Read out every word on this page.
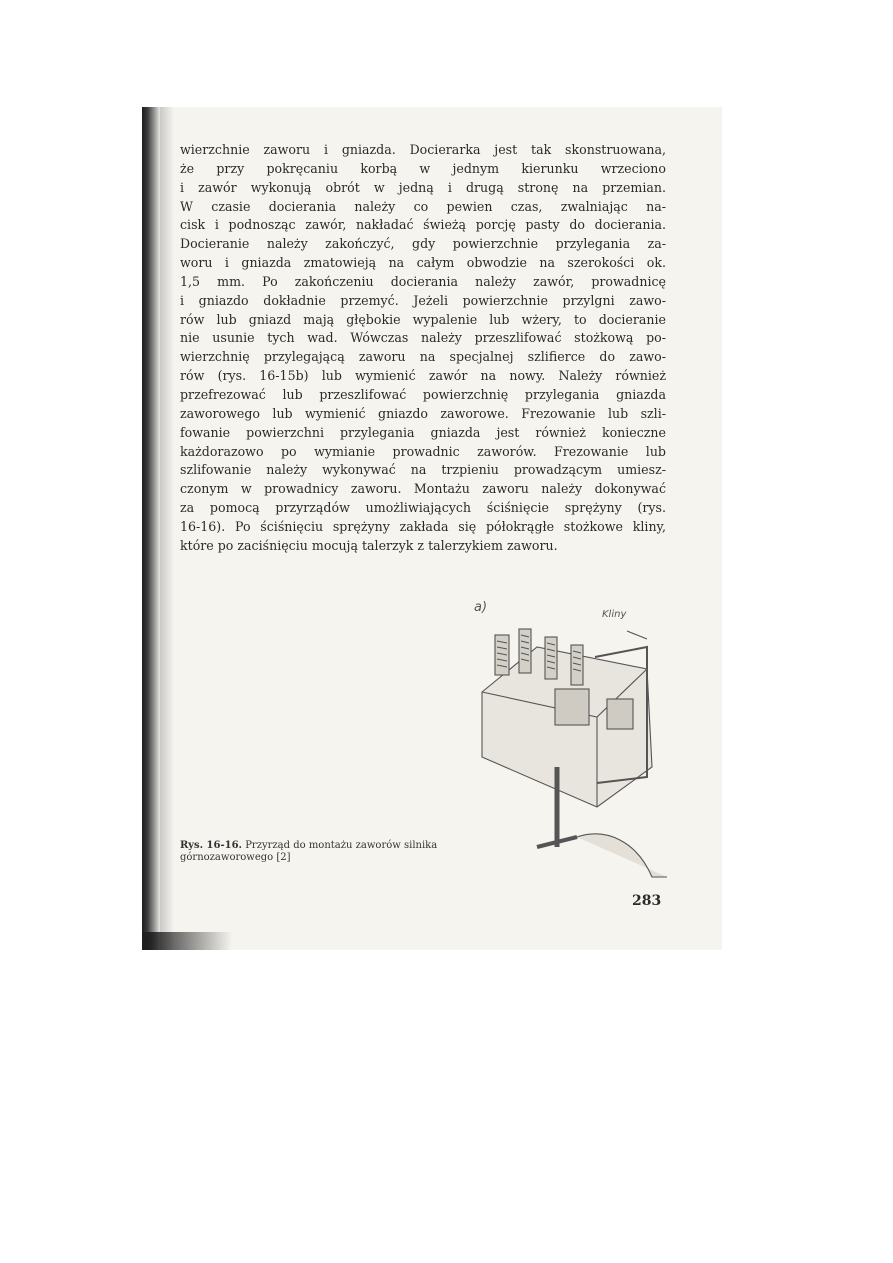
wierzchnie zaworu i gniazda. Docierarka jest tak skonstruowana,
że przy pokręcaniu korbą w jednym kierunku wrzeciono
i zawór wykonują obrót w jedną i drugą stronę na przemian.
W czasie docierania należy co pewien czas, zwalniając na-
cisk i podnosząc zawór, nakładać świeżą porcję pasty do docierania.
Docieranie należy zakończyć, gdy powierzchnie przylegania za-
woru i gniazda zmatowieją na całym obwodzie na szerokości ok.
1,5 mm. Po zakończeniu docierania należy zawór, prowadnicę
i gniazdo dokładnie przemyć. Jeżeli powierzchnie przylgni zawo-
rów lub gniazd mają głębokie wypalenie lub wżery, to docieranie
nie usunie tych wad. Wówczas należy przeszlifować stożkową po-
wierzchnię przylegającą zaworu na specjalnej szlifierce do zawo-
rów (rys. 16-15b) lub wymienić zawór na nowy. Należy również
przefrezować lub przeszlifować powierzchnię przylegania gniazda
zaworowego lub wymienić gniazdo zaworowe. Frezowanie lub szli-
fowanie powierzchni przylegania gniazda jest również konieczne
każdorazowo po wymianie prowadnic zaworów. Frezowanie lub
szlifowanie należy wykonywać na trzpieniu prowadzącym umiesz-
czonym w prowadnicy zaworu. Montażu zaworu należy dokonywać
za pomocą przyrządów umożliwiających ściśnięcie sprężyny (rys.
16-16). Po ściśnięciu sprężyny zakłada się półokrągłe stożkowe kliny,
które po zaciśnięciu mocują talerzyk z talerzykiem zaworu.
a)	Kliny
Rys. 16-16. Przyrząd do montażu zaworów silnika
górnozaworowego [2]
283
